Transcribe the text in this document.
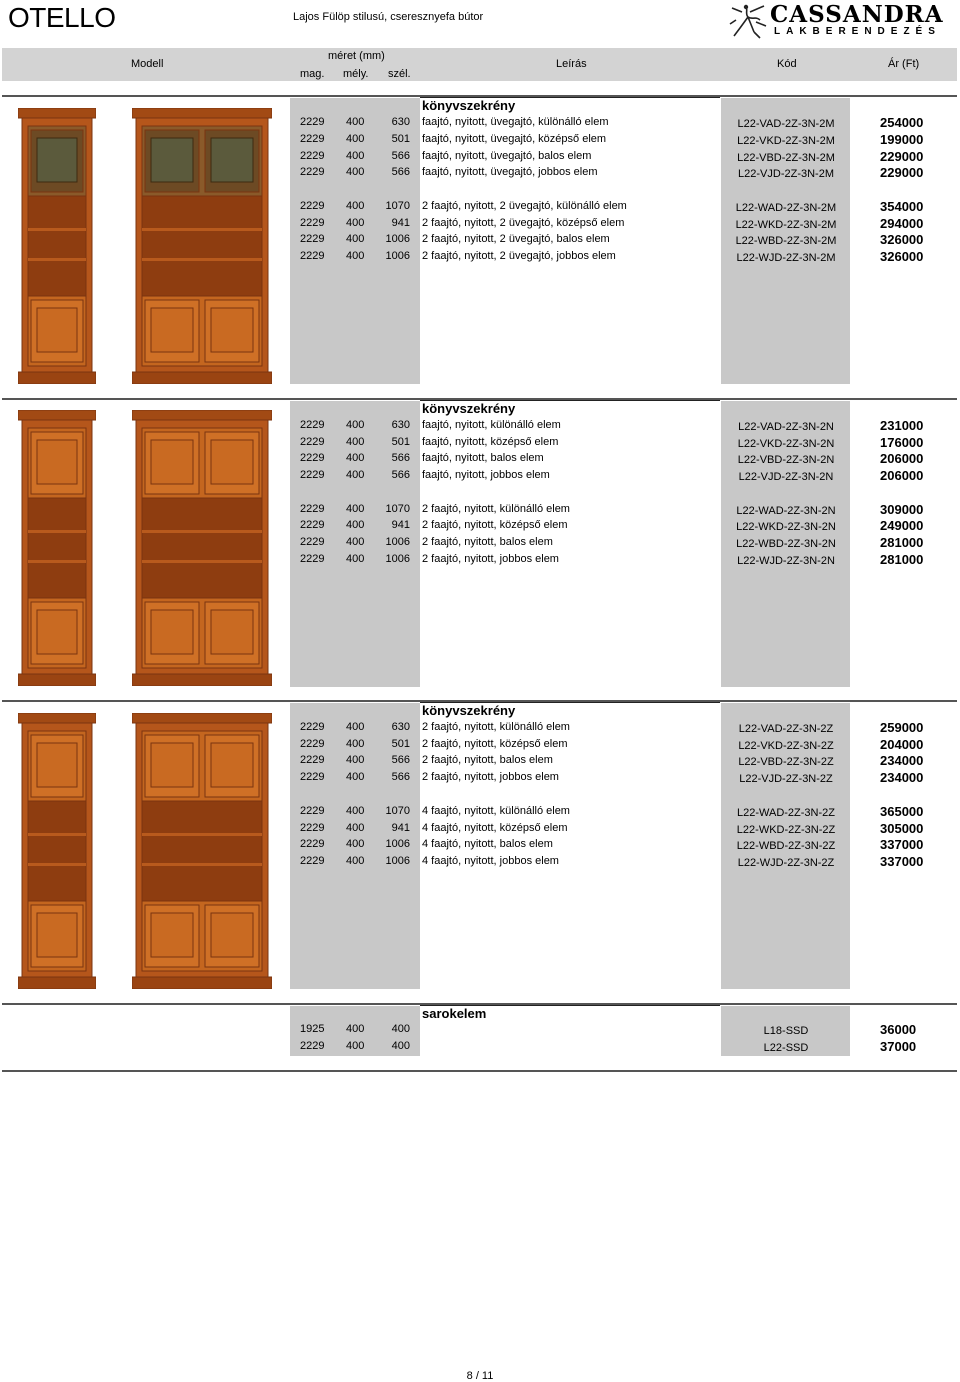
OTELLO	Lajos Fülöp stilusú, cseresznyefa bútor	CASSANDRA
LAKBERENDEZÉS
Modell
méret (mm)
mag. mély. szél.
Leírás	Kód	Ár (Ft)
könyvszekrény
2229 400	630 faajtó, nyitott, üvegajtó, különálló elem	L22-VAD-2Z-3N-2M	254000
2229 400	501 faajtó, nyitott, üvegajtó, középső elem	L22-VKD-2Z-3N-2M	199000
2229 400	566 faajtó, nyitott, üvegajtó, balos elem	L22-VBD-2Z-3N-2M	229000
2229 400	566 faajtó, nyitott, üvegajtó, jobbos elem	L22-VJD-2Z-3N-2M	229000
2229 400	1070 2 faajtó, nyitott, 2 üvegajtó, különálló elem	L22-WAD-2Z-3N-2M	354000
2229 400	941 2 faajtó, nyitott, 2 üvegajtó, középső elem	L22-WKD-2Z-3N-2M	294000
2229 400	1006 2 faajtó, nyitott, 2 üvegajtó, balos elem	L22-WBD-2Z-3N-2M	326000
2229 400	1006 2 faajtó, nyitott, 2 üvegajtó, jobbos elem	L22-WJD-2Z-3N-2M	326000
könyvszekrény
2229 400	630 faajtó, nyitott, különálló elem	L22-VAD-2Z-3N-2N	231000
2229 400	501 faajtó, nyitott, középső elem	L22-VKD-2Z-3N-2N	176000
2229 400	566 faajtó, nyitott, balos elem	L22-VBD-2Z-3N-2N	206000
2229 400	566 faajtó, nyitott, jobbos elem	L22-VJD-2Z-3N-2N	206000
2229 400	1070 2 faajtó, nyitott, különálló elem	L22-WAD-2Z-3N-2N	309000
2229 400	941 2 faajtó, nyitott, középső elem	L22-WKD-2Z-3N-2N	249000
2229 400	1006 2 faajtó, nyitott, balos elem	L22-WBD-2Z-3N-2N	281000
2229 400	1006 2 faajtó, nyitott, jobbos elem	L22-WJD-2Z-3N-2N	281000
könyvszekrény
2229 400	630 2 faajtó, nyitott, különálló elem	L22-VAD-2Z-3N-2Z	259000
2229 400	501 2 faajtó, nyitott, középső elem	L22-VKD-2Z-3N-2Z	204000
2229 400	566 2 faajtó, nyitott, balos elem	L22-VBD-2Z-3N-2Z	234000
2229 400	566 2 faajtó, nyitott, jobbos elem	L22-VJD-2Z-3N-2Z	234000
2229 400	1070 4 faajtó, nyitott, különálló elem	L22-WAD-2Z-3N-2Z	365000
2229 400	941 4 faajtó, nyitott, középső elem	L22-WKD-2Z-3N-2Z	305000
2229 400	1006 4 faajtó, nyitott, balos elem	L22-WBD-2Z-3N-2Z	337000
2229 400	1006 4 faajtó, nyitott, jobbos elem	L22-WJD-2Z-3N-2Z	337000
sarokelem
1925 400	400	L18-SSD	36000
2229 400	400	L22-SSD	37000
8 / 11
